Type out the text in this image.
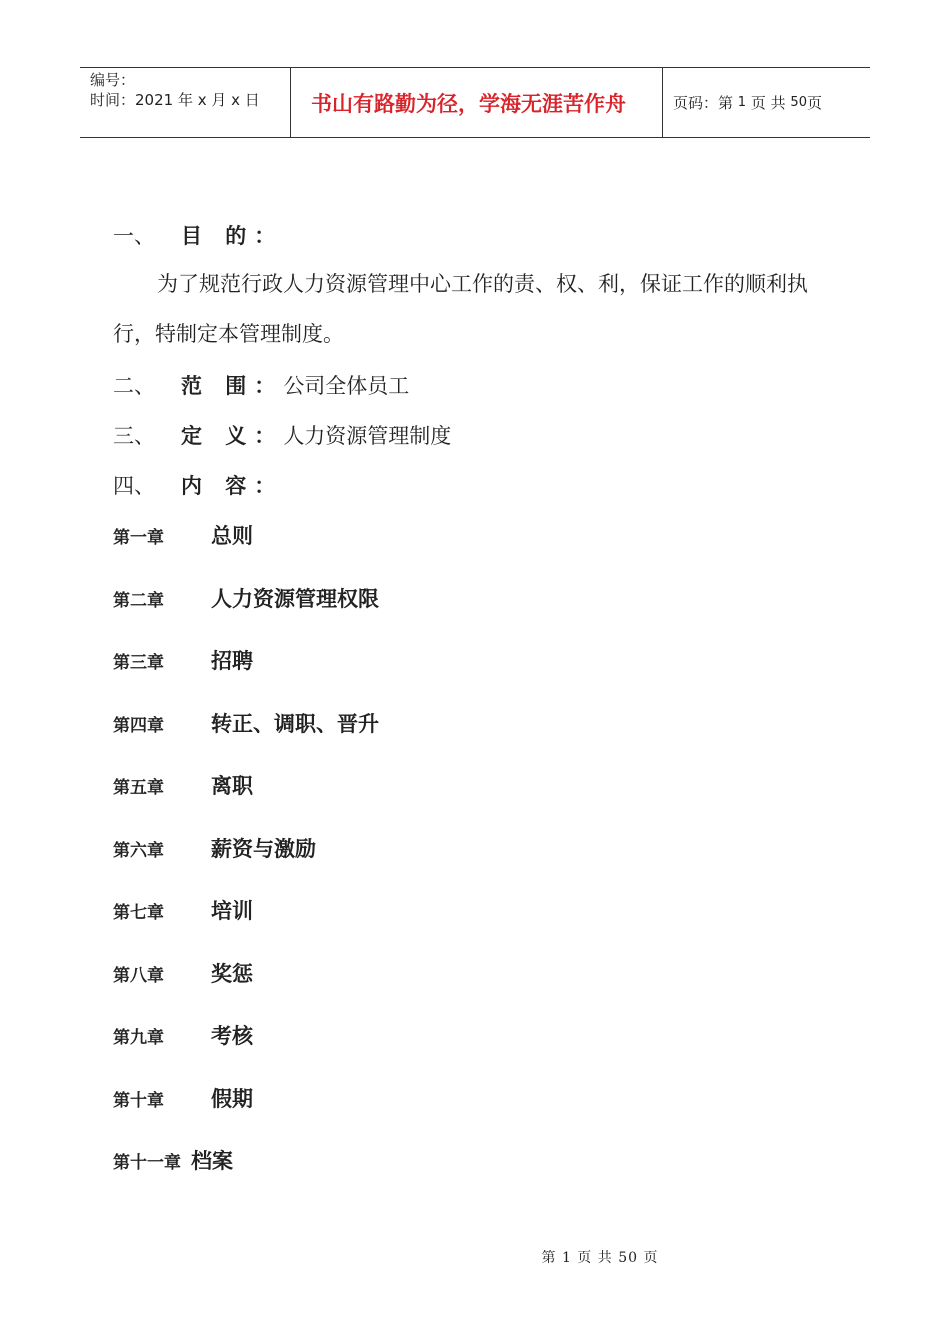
编号：
时间：2021 年 x 月 x 日	书山有路勤为径，学海无涯苦作舟	页码：第
1
页 共
50 页
一、 目 的：
为了规范行政人力资源管理中心工作的责、权、利，保证工作的顺利执行，特制定本管理制度。
二、 范 围：公司全体员工
三、 定 义：人力资源管理制度
四、 内 容：
第一章 总则
第二章 人力资源管理权限
第三章 招聘
第四章 转正、调职、晋升
第五章 离职
第六章 薪资与激励
第七章 培训
第八章 奖惩
第九章 考核
第十章 假期
第十一章 档案
第 1 页 共 50 页
